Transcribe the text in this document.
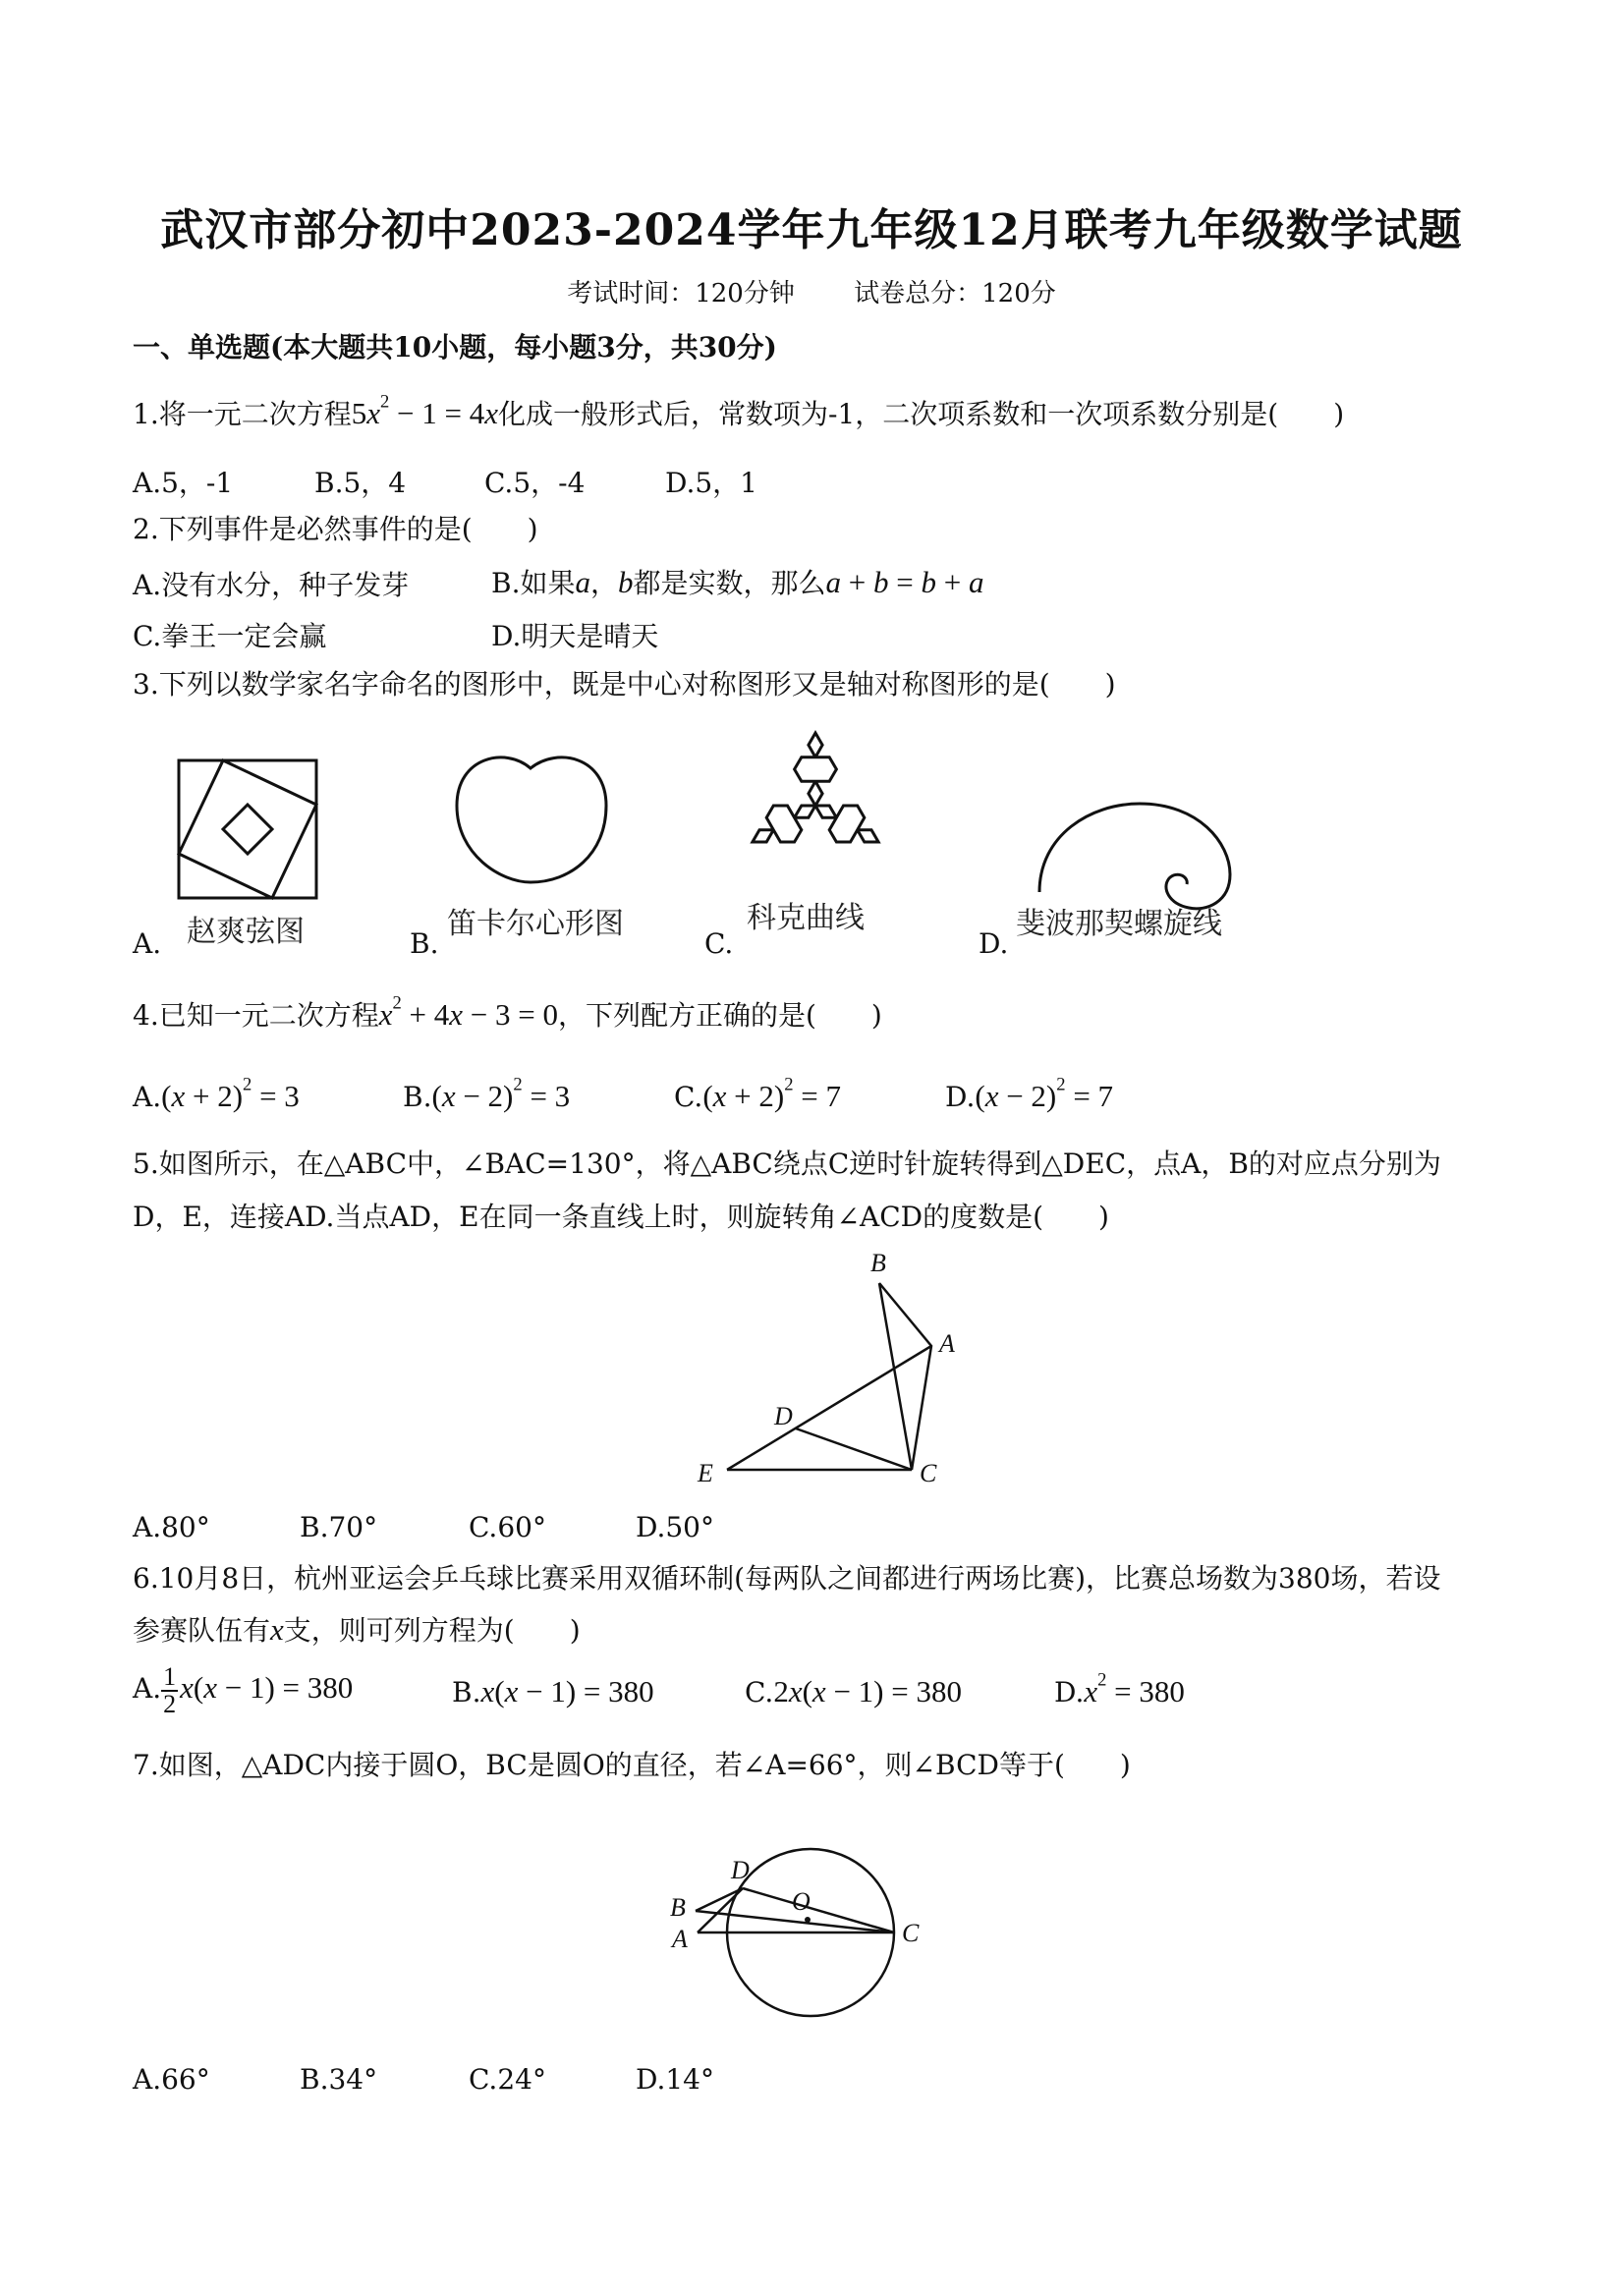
武汉市部分初中2023-2024学年九年级12月联考九年级数学试题
考试时间：120分钟 试卷总分：120分
一、单选题(本大题共10小题，每小题3分，共30分)
1.将一元二次方程$5x^2 - 1 = 4x$化成一般形式后，常数项为-1，二次项系数和一次项系数分别是(　　)
A.5，-1	B.5，4	C.5，-4	D.5，1
2.下列事件是必然事件的是(　　)
A.没有水分，种子发芽	B.如果a，b都是实数，那么a + b = b + a
C.拳王一定会赢	D.明天是晴天
3.下列以数学家名字命名的图形中，既是中心对称图形又是轴对称图形的是(　　)
A.	B.	C.	D.
赵爽弦图	笛卡尔心形图	科克曲线	斐波那契螺旋线
4.已知一元二次方程$x^2 + 4x - 3 = 0$，下列配方正确的是(　　)
$A.(x + 2)^2 = 3$	$B.(x - 2)^2 = 3$	$C.(x + 2)^2 = 7$	$D.(x - 2)^2 = 7$
5.如图所示，在△ABC中，∠BAC=130°，将△ABC绕点C逆时针旋转得到△DEC，点A，B的对应点分别为
D，E，连接AD.当点AD，E在同一条直线上时，则旋转角∠ACD的度数是(　　)
B
A
D
E	C
A.80°	B.70°	C.60°	D.50°
6.10月8日，杭州亚运会乒乓球比赛采用双循环制(每两队之间都进行两场比赛)，比赛总场数为380场，若设
参赛队伍有x支，则可列方程为(　　)
A. $\frac{1}{2} x(x - 1) = 380$	B.x(x − 1) = 380	C.2x(x − 1) = 380	$D.x^2 = 380$
7.如图，△ADC内接于圆O，BC是圆O的直径，若∠A=66°，则∠BCD等于(　　)
D
B	O
A	C
A.66°	B.34°	C.24°	D.14°
